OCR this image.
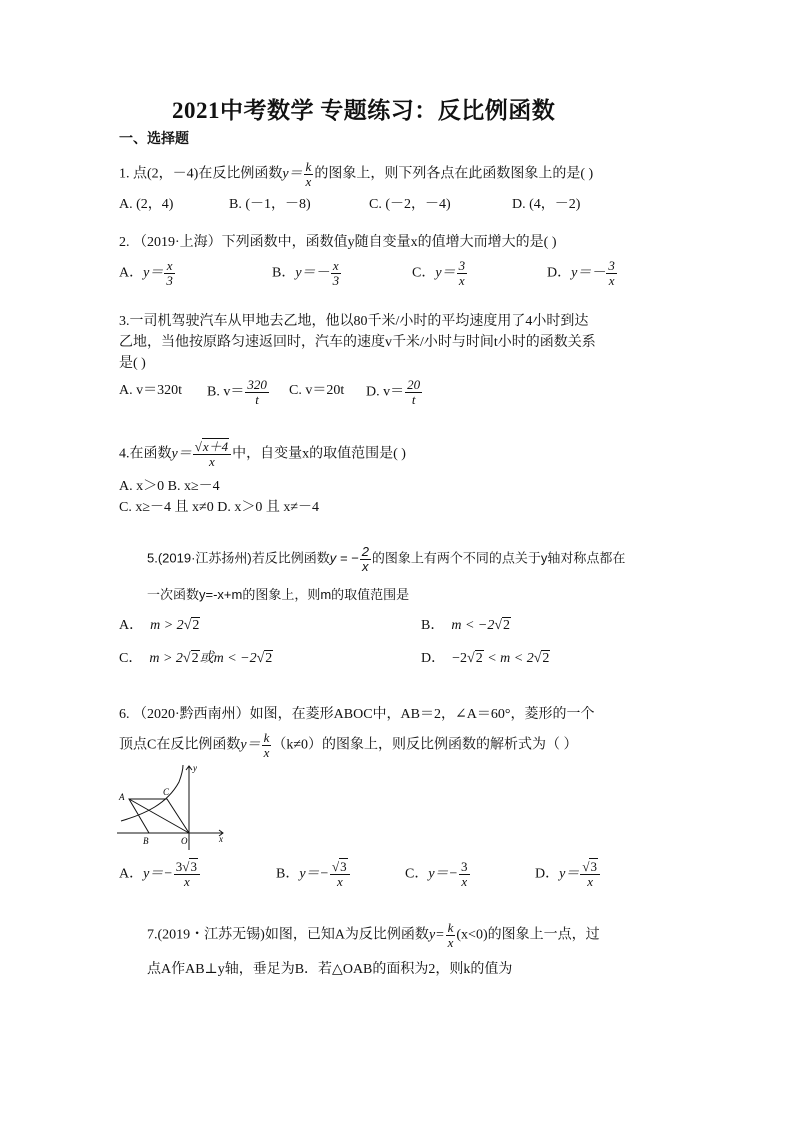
2021中考数学 专题练习：反比例函数
一、选择题
1. 点(2，－4)在反比例函数$y= \frac{k}{x}$ 的图象上，则下列各点在此函数图象上的是( )
A. (2，4)	B. (－1，－8)	C. (－2，－4)	D. (4，－2)
2. （2019·上海）下列函数中，函数值y随自变量x的值增大而增大的是( )
A．$y= \frac{x}{3}$	B．$y=- \frac{x}{3}$	C．$y= \frac{3}{x}$	D．$y=- \frac{3}{x}$
3.一司机驾驶汽车从甲地去乙地，他以80千米/小时的平均速度用了4小时到达
乙地，当他按原路匀速返回时，汽车的速度v千米/小时与时间t小时的函数关系
是( )
A. v＝320t B. $v= \frac{320}{t} C$. v＝20t D. $v= \frac{20}{t}$
4.在函数$y= \frac{√x+4}{x}$ 中，自变量x的取值范围是( )
A. x＞0 B. x≥－4
C. x≥－4 且 x≠0 D. x＞0 且 x≠－4
5.(2019·江苏扬州)若反比例函数y = − $\frac{2}{x}$ 的图象上有两个不同的点关于y轴对称点都在
一次函数y=-x+m的图象上，则m的取值范围是
A． m > 2√2	B． m < −2√2
C． m > 2√2或m < −2√2	D． −2√2 < m < 2√2
6. （2020·黔西南州）如图，在菱形ABOC中，AB＝2，∠A＝60°，菱形的一个
顶点C在反比例函数$y= \frac{k}{x} (k\ne 0)$的图象上，则反比例函数的解析式为（ ）
A	C
B	O
y
x
A．$y=- \frac{3√3}{x}$	B．$y=- \frac{√3}{x}$	C．$y=- \frac{3}{x}$	D．$y= \frac{√3}{x}$
7.(2019・江苏无锡)如图，已知A为反比例函数$y= \frac{k}{x} (x<0)$的图象上一点，过
点A作AB⊥y轴，垂足为B．若△OAB的面积为2，则k的值为
